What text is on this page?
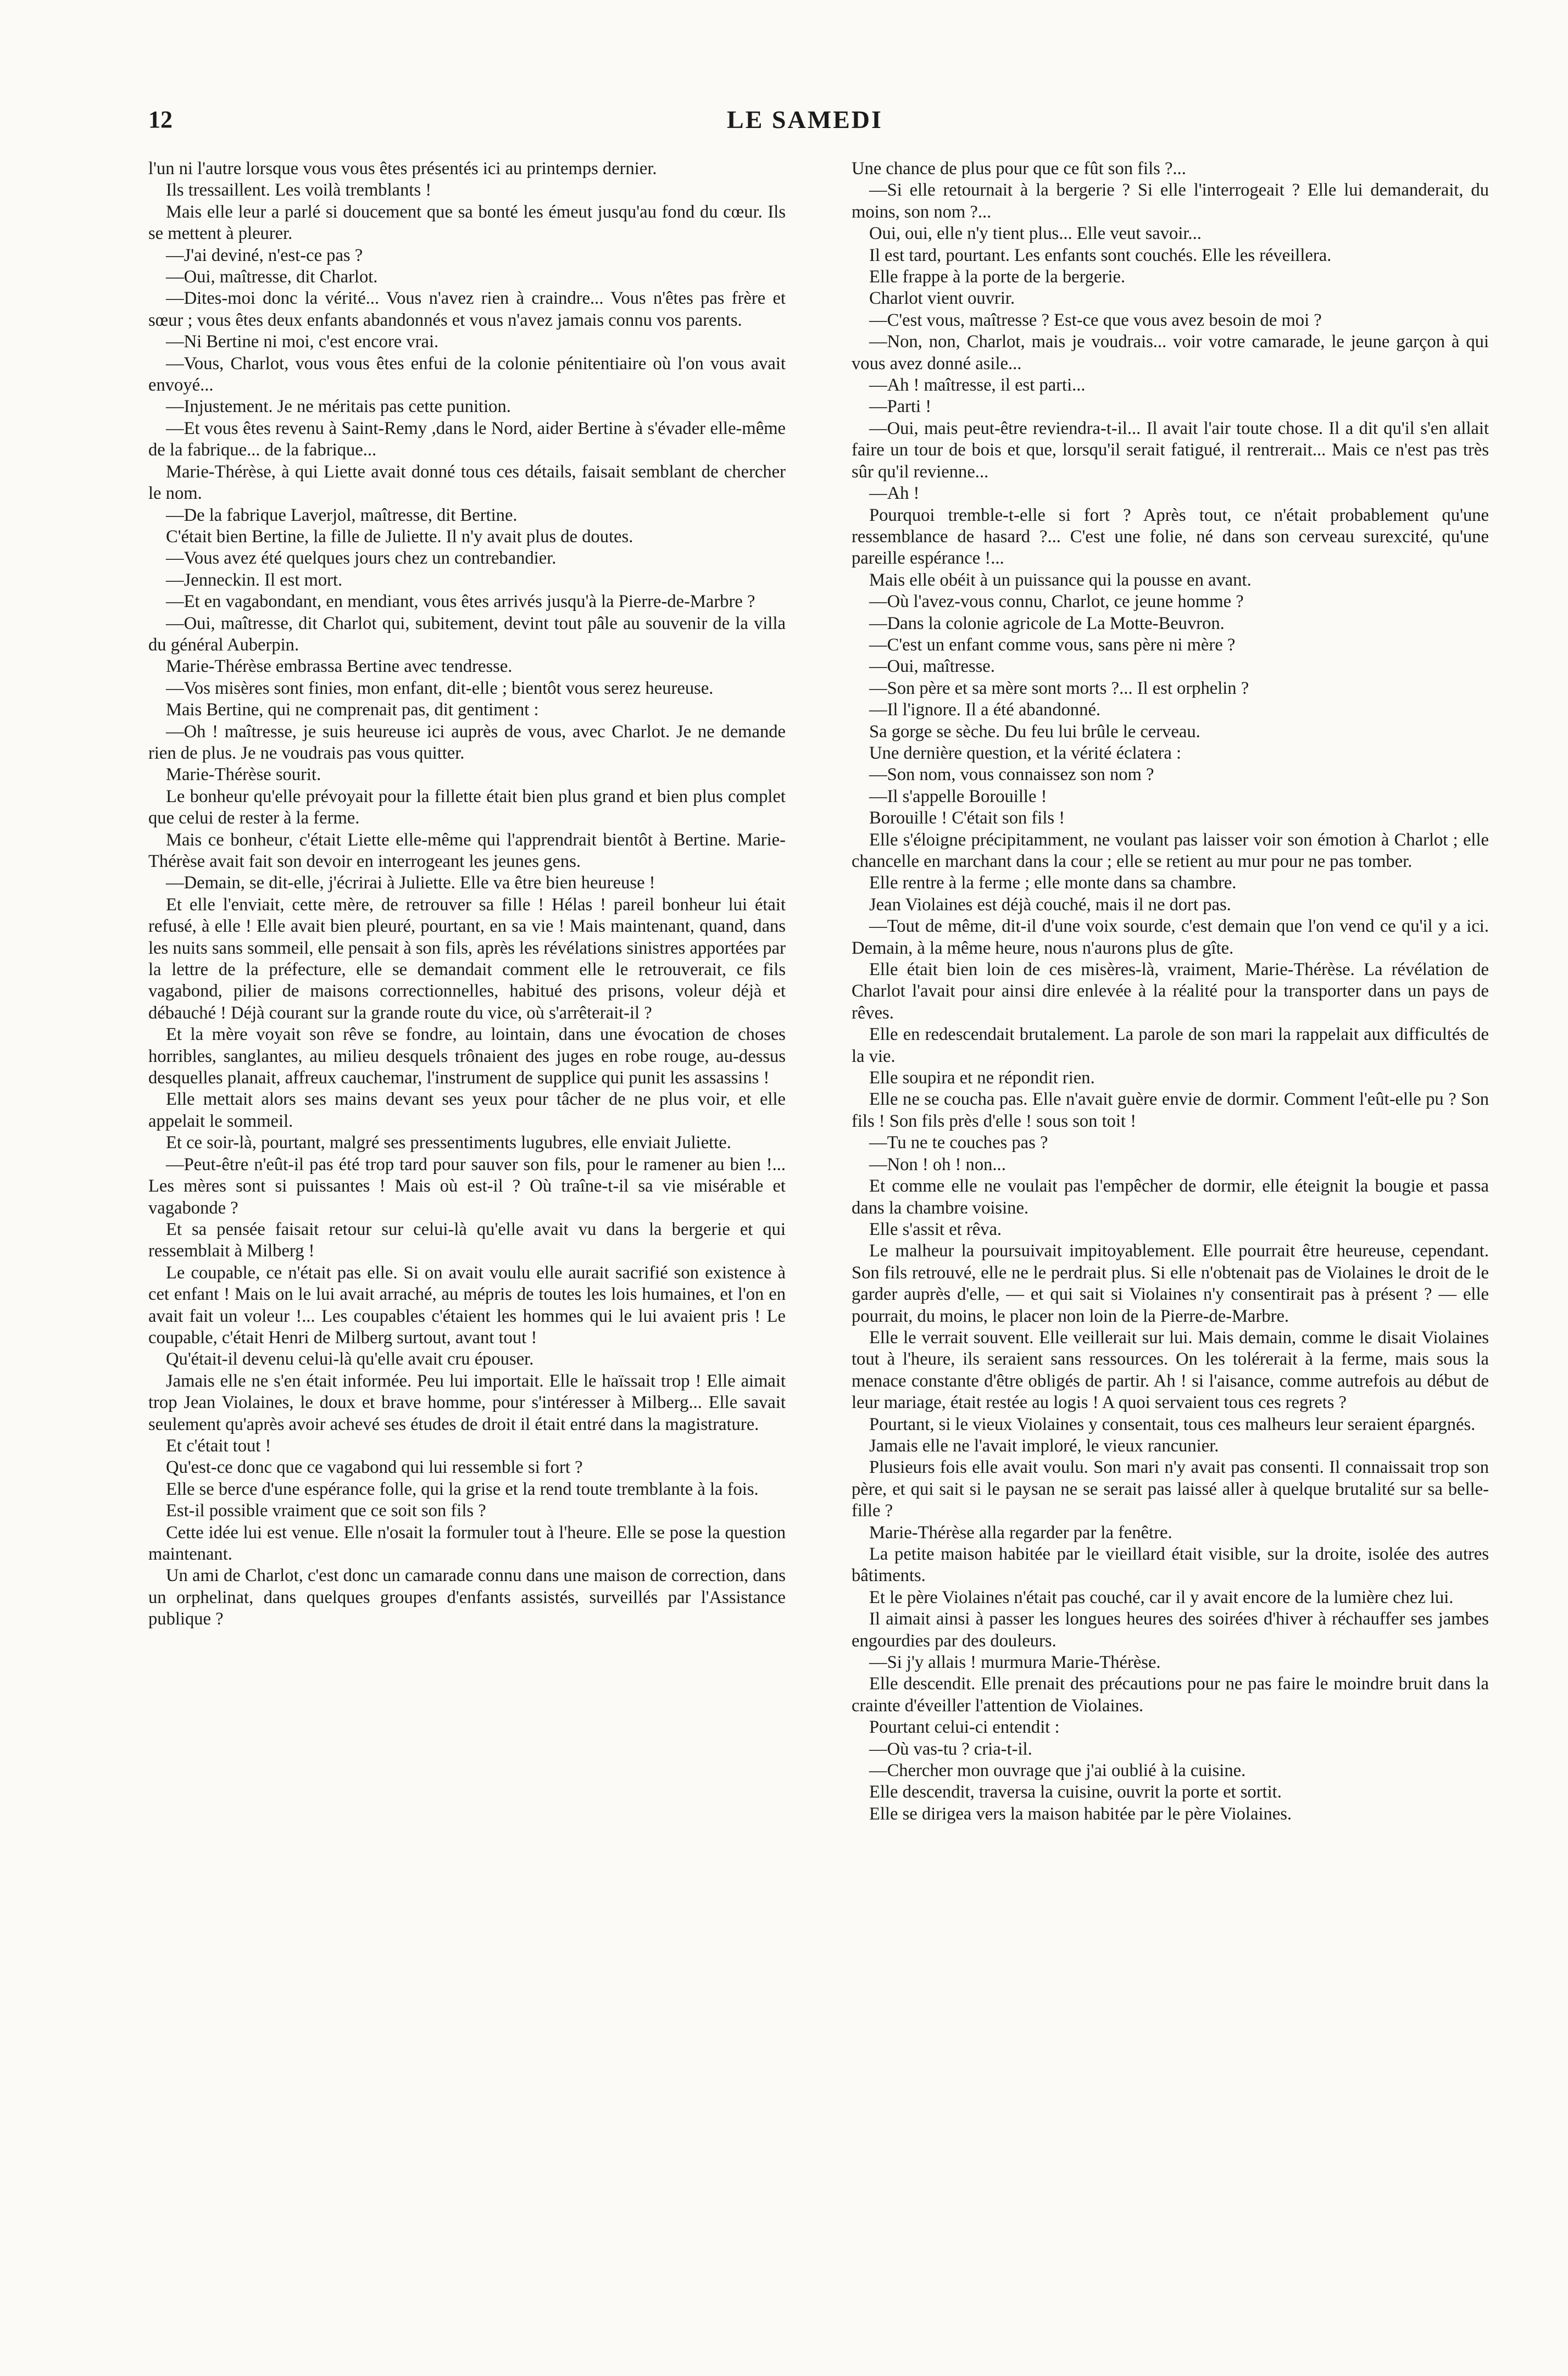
12	LE SAMEDI

l'un ni l'autre lorsque vous vous êtes présentés ici au printemps dernier.

Ils tressaillent. Les voilà tremblants !

Mais elle leur a parlé si doucement que sa bonté les émeut jusqu'au fond du cœur. Ils se mettent à pleurer.

—J'ai deviné, n'est-ce pas ?

—Oui, maîtresse, dit Charlot.

—Dites-moi donc la vérité... Vous n'avez rien à craindre... Vous n'êtes pas frère et sœur ; vous êtes deux enfants abandonnés et vous n'avez jamais connu vos parents.

—Ni Bertine ni moi, c'est encore vrai.

—Vous, Charlot, vous vous êtes enfui de la colonie pénitentiaire où l'on vous avait envoyé...

—Injustement. Je ne méritais pas cette punition.

—Et vous êtes revenu à Saint-Remy ,dans le Nord, aider Bertine à s'évader elle-même de la fabrique... de la fabrique...

Marie-Thérèse, à qui Liette avait donné tous ces détails, faisait semblant de chercher le nom.

—De la fabrique Laverjol, maîtresse, dit Bertine.

C'était bien Bertine, la fille de Juliette. Il n'y avait plus de doutes.

—Vous avez été quelques jours chez un contrebandier.

—Jenneckin. Il est mort.

—Et en vagabondant, en mendiant, vous êtes arrivés jusqu'à la Pierre-de-Marbre ?

—Oui, maîtresse, dit Charlot qui, subitement, devint tout pâle au souvenir de la villa du général Auberpin.

Marie-Thérèse embrassa Bertine avec tendresse.

—Vos misères sont finies, mon enfant, dit-elle ; bientôt vous serez heureuse.

Mais Bertine, qui ne comprenait pas, dit gentiment :

—Oh ! maîtresse, je suis heureuse ici auprès de vous, avec Charlot. Je ne demande rien de plus. Je ne voudrais pas vous quitter.

Marie-Thérèse sourit.

Le bonheur qu'elle prévoyait pour la fillette était bien plus grand et bien plus complet que celui de rester à la ferme.

Mais ce bonheur, c'était Liette elle-même qui l'apprendrait bientôt à Bertine. Marie-Thérèse avait fait son devoir en interrogeant les jeunes gens.

—Demain, se dit-elle, j'écrirai à Juliette. Elle va être bien heureuse !

Et elle l'enviait, cette mère, de retrouver sa fille ! Hélas ! pareil bonheur lui était refusé, à elle ! Elle avait bien pleuré, pourtant, en sa vie ! Mais maintenant, quand, dans les nuits sans sommeil, elle pensait à son fils, après les révélations sinistres apportées par la lettre de la préfecture, elle se demandait comment elle le retrouverait, ce fils vagabond, pilier de maisons correctionnelles, habitué des prisons, voleur déjà et débauché ! Déjà courant sur la grande route du vice, où s'arrêterait-il ?

Et la mère voyait son rêve se fondre, au lointain, dans une évocation de choses horribles, sanglantes, au milieu desquels trônaient des juges en robe rouge, au-dessus desquelles planait, affreux cauchemar, l'instrument de supplice qui punit les assassins !

Elle mettait alors ses mains devant ses yeux pour tâcher de ne plus voir, et elle appelait le sommeil.

Et ce soir-là, pourtant, malgré ses pressentiments lugubres, elle enviait Juliette.

—Peut-être n'eût-il pas été trop tard pour sauver son fils, pour le ramener au bien !... Les mères sont si puissantes ! Mais où est-il ? Où traîne-t-il sa vie misérable et vagabonde ?

Et sa pensée faisait retour sur celui-là qu'elle avait vu dans la bergerie et qui ressemblait à Milberg !

Le coupable, ce n'était pas elle. Si on avait voulu elle aurait sacrifié son existence à cet enfant ! Mais on le lui avait arraché, au mépris de toutes les lois humaines, et l'on en avait fait un voleur !... Les coupables c'étaient les hommes qui le lui avaient pris ! Le coupable, c'était Henri de Milberg surtout, avant tout !

Qu'était-il devenu celui-là qu'elle avait cru épouser.

Jamais elle ne s'en était informée. Peu lui importait. Elle le haïssait trop ! Elle aimait trop Jean Violaines, le doux et brave homme, pour s'intéresser à Milberg... Elle savait seulement qu'après avoir achevé ses études de droit il était entré dans la magistrature.

Et c'était tout !

Qu'est-ce donc que ce vagabond qui lui ressemble si fort ?

Elle se berce d'une espérance folle, qui la grise et la rend toute tremblante à la fois.

Est-il possible vraiment que ce soit son fils ?

Cette idée lui est venue. Elle n'osait la formuler tout à l'heure. Elle se pose la question maintenant.

Un ami de Charlot, c'est donc un camarade connu dans une maison de correction, dans un orphelinat, dans quelques groupes d'enfants assistés, surveillés par l'Assistance publique ?

Une chance de plus pour que ce fût son fils ?...

—Si elle retournait à la bergerie ? Si elle l'interrogeait ? Elle lui demanderait, du moins, son nom ?...

Oui, oui, elle n'y tient plus... Elle veut savoir...

Il est tard, pourtant. Les enfants sont couchés. Elle les réveillera.

Elle frappe à la porte de la bergerie.

Charlot vient ouvrir.

—C'est vous, maîtresse ? Est-ce que vous avez besoin de moi ?

—Non, non, Charlot, mais je voudrais... voir votre camarade, le jeune garçon à qui vous avez donné asile...

—Ah ! maîtresse, il est parti...

—Parti !

—Oui, mais peut-être reviendra-t-il... Il avait l'air toute chose. Il a dit qu'il s'en allait faire un tour de bois et que, lorsqu'il serait fatigué, il rentrerait... Mais ce n'est pas très sûr qu'il revienne...

—Ah !

Pourquoi tremble-t-elle si fort ? Après tout, ce n'était probablement qu'une ressemblance de hasard ?... C'est une folie, né dans son cerveau surexcité, qu'une pareille espérance !...

Mais elle obéit à un puissance qui la pousse en avant.

—Où l'avez-vous connu, Charlot, ce jeune homme ?

—Dans la colonie agricole de La Motte-Beuvron.

—C'est un enfant comme vous, sans père ni mère ?

—Oui, maîtresse.

—Son père et sa mère sont morts ?... Il est orphelin ?

—Il l'ignore. Il a été abandonné.

Sa gorge se sèche. Du feu lui brûle le cerveau.

Une dernière question, et la vérité éclatera :

—Son nom, vous connaissez son nom ?

—Il s'appelle Borouille !

Borouille ! C'était son fils !

Elle s'éloigne précipitamment, ne voulant pas laisser voir son émotion à Charlot ; elle chancelle en marchant dans la cour ; elle se retient au mur pour ne pas tomber.

Elle rentre à la ferme ; elle monte dans sa chambre.

Jean Violaines est déjà couché, mais il ne dort pas.

—Tout de même, dit-il d'une voix sourde, c'est demain que l'on vend ce qu'il y a ici. Demain, à la même heure, nous n'aurons plus de gîte.

Elle était bien loin de ces misères-là, vraiment, Marie-Thérèse. La révélation de Charlot l'avait pour ainsi dire enlevée à la réalité pour la transporter dans un pays de rêves.

Elle en redescendait brutalement. La parole de son mari la rappelait aux difficultés de la vie.

Elle soupira et ne répondit rien.

Elle ne se coucha pas. Elle n'avait guère envie de dormir. Comment l'eût-elle pu ? Son fils ! Son fils près d'elle ! sous son toit !

—Tu ne te couches pas ?

—Non ! oh ! non...

Et comme elle ne voulait pas l'empêcher de dormir, elle éteignit la bougie et passa dans la chambre voisine.

Elle s'assit et rêva.

Le malheur la poursuivait impitoyablement. Elle pourrait être heureuse, cependant. Son fils retrouvé, elle ne le perdrait plus. Si elle n'obtenait pas de Violaines le droit de le garder auprès d'elle, — et qui sait si Violaines n'y consentirait pas à présent ? — elle pourrait, du moins, le placer non loin de la Pierre-de-Marbre.

Elle le verrait souvent. Elle veillerait sur lui. Mais demain, comme le disait Violaines tout à l'heure, ils seraient sans ressources. On les tolérerait à la ferme, mais sous la menace constante d'être obligés de partir. Ah ! si l'aisance, comme autrefois au début de leur mariage, était restée au logis ! A quoi servaient tous ces regrets ?

Pourtant, si le vieux Violaines y consentait, tous ces malheurs leur seraient épargnés.

Jamais elle ne l'avait imploré, le vieux rancunier.

Plusieurs fois elle avait voulu. Son mari n'y avait pas consenti. Il connaissait trop son père, et qui sait si le paysan ne se serait pas laissé aller à quelque brutalité sur sa belle-fille ?

Marie-Thérèse alla regarder par la fenêtre.

La petite maison habitée par le vieillard était visible, sur la droite, isolée des autres bâtiments.

Et le père Violaines n'était pas couché, car il y avait encore de la lumière chez lui.

Il aimait ainsi à passer les longues heures des soirées d'hiver à réchauffer ses jambes engourdies par des douleurs.

—Si j'y allais ! murmura Marie-Thérèse.

Elle descendit. Elle prenait des précautions pour ne pas faire le moindre bruit dans la crainte d'éveiller l'attention de Violaines.

Pourtant celui-ci entendit :

—Où vas-tu ? cria-t-il.

—Chercher mon ouvrage que j'ai oublié à la cuisine.

Elle descendit, traversa la cuisine, ouvrit la porte et sortit.

Elle se dirigea vers la maison habitée par le père Violaines.
